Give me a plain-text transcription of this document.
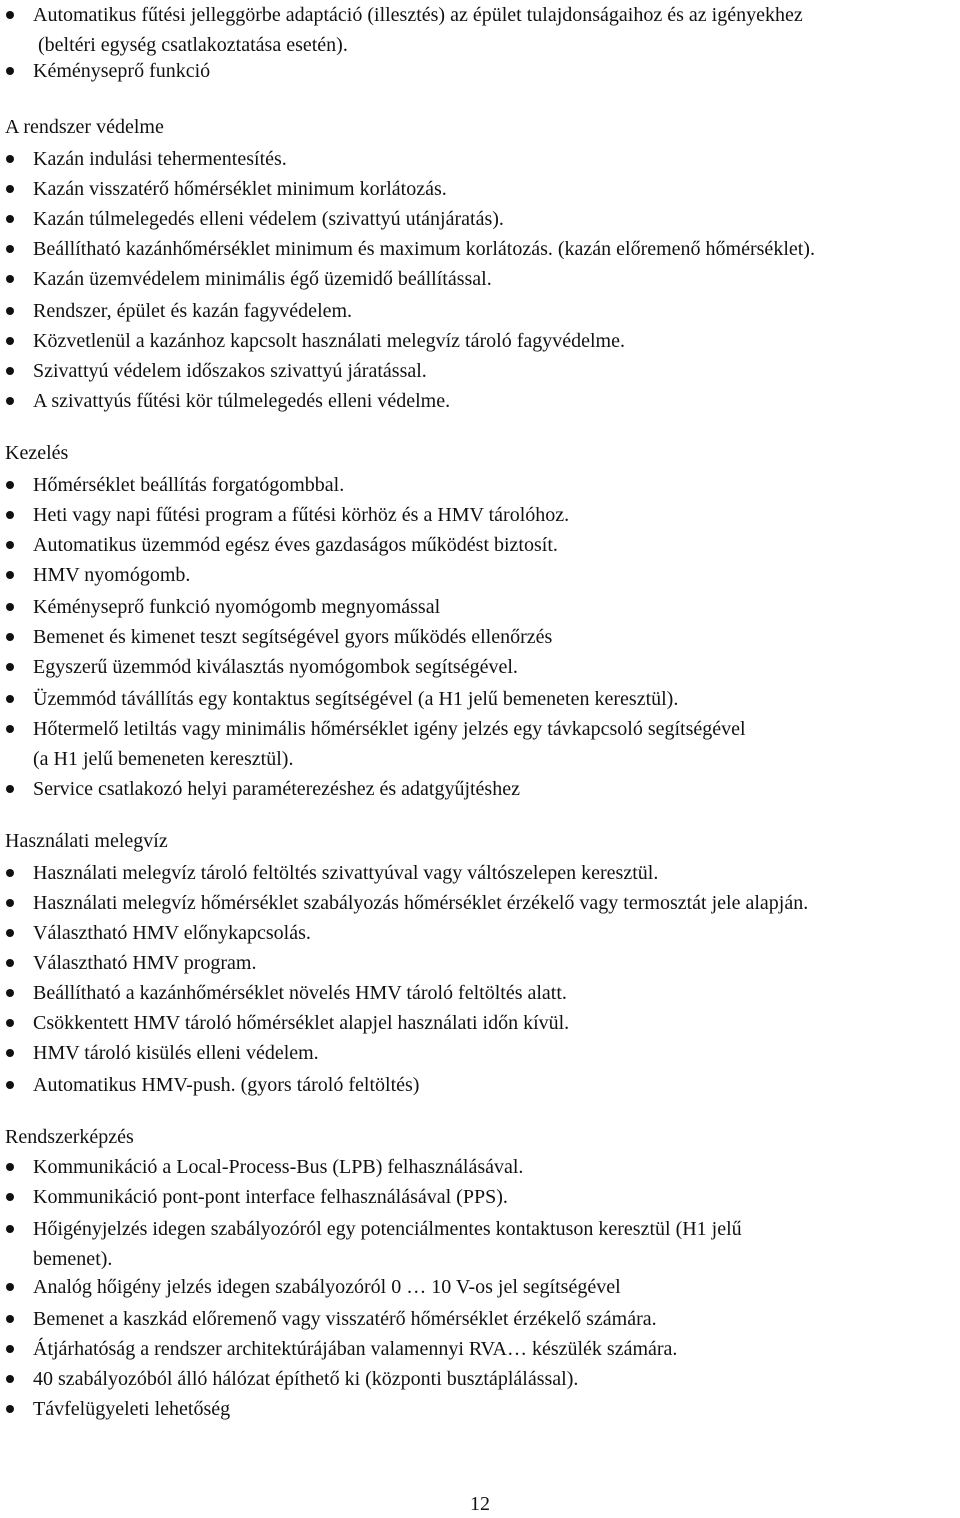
12
Automatikus fűtési jelleggörbe adaptáció (illesztés) az épület tulajdonságaihoz és az igényekhez
(beltéri egység csatlakoztatása esetén).
Kéményseprő funkció
A rendszer védelme
Kazán indulási tehermentesítés.
Kazán visszatérő hőmérséklet minimum korlátozás.
Kazán túlmelegedés elleni védelem (szivattyú utánjáratás).
Beállítható kazánhőmérséklet minimum és maximum korlátozás. (kazán előremenő hőmérséklet).
Kazán üzemvédelem minimális égő üzemidő beállítással.
Rendszer, épület és kazán fagyvédelem.
Közvetlenül a kazánhoz kapcsolt használati melegvíz tároló fagyvédelme.
Szivattyú védelem időszakos szivattyú járatással.
A szivattyús fűtési kör túlmelegedés elleni védelme.
Kezelés
Hőmérséklet beállítás forgatógombbal.
Heti vagy napi fűtési program a fűtési körhöz és a HMV tárolóhoz.
Automatikus üzemmód egész éves gazdaságos működést biztosít.
HMV nyomógomb.
Kéményseprő funkció nyomógomb megnyomással
Bemenet és kimenet teszt segítségével gyors működés ellenőrzés
Egyszerű üzemmód kiválasztás nyomógombok segítségével.
Üzemmód távállítás egy kontaktus segítségével (a H1 jelű bemeneten keresztül).
Hőtermelő letiltás vagy minimális hőmérséklet igény jelzés egy távkapcsoló segítségével
(a H1 jelű bemeneten keresztül).
Service csatlakozó helyi paraméterezéshez és adatgyűjtéshez
Használati melegvíz
Használati melegvíz tároló feltöltés szivattyúval vagy váltószelepen keresztül.
Használati melegvíz hőmérséklet szabályozás hőmérséklet érzékelő vagy termosztát jele alapján.
Választható HMV előnykapcsolás.
Választható HMV program.
Beállítható a kazánhőmérséklet növelés HMV tároló feltöltés alatt.
Csökkentett HMV tároló hőmérséklet alapjel használati időn kívül.
HMV tároló kisülés elleni védelem.
Automatikus HMV-push. (gyors tároló feltöltés)
Rendszerképzés
Kommunikáció a Local-Process-Bus (LPB) felhasználásával.
Kommunikáció pont-pont interface felhasználásával (PPS).
Hőigényjelzés idegen szabályozóról egy potenciálmentes kontaktuson keresztül (H1 jelű
bemenet).
Analóg hőigény jelzés idegen szabályozóról 0 … 10 V-os jel segítségével
Bemenet a kaszkád előremenő vagy visszatérő hőmérséklet érzékelő számára.
Átjárhatóság a rendszer architektúrájában valamennyi RVA… készülék számára.
40 szabályozóból álló hálózat építhető ki (központi busztáplálással).
Távfelügyeleti lehetőség
